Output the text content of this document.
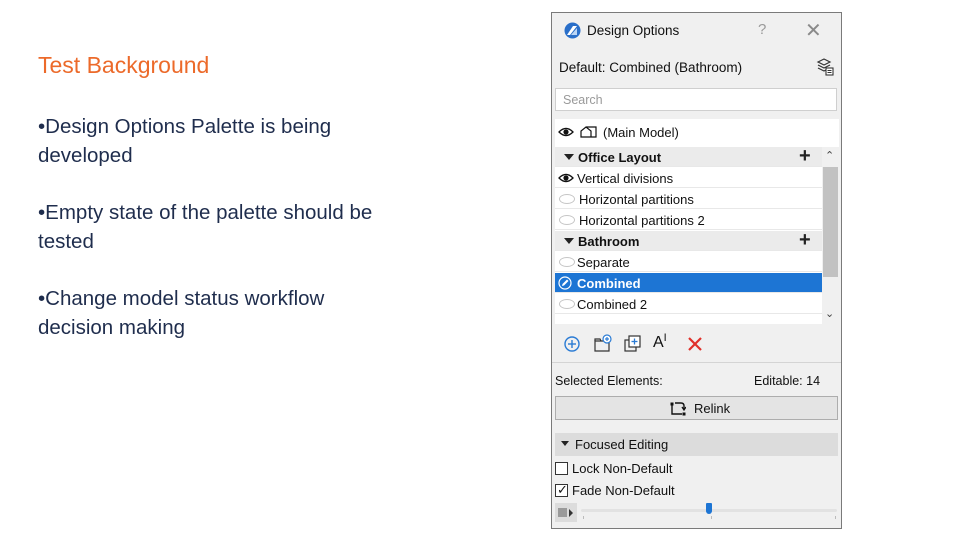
Test Background
•Design Options Palette is being developed
•Empty state of the palette should be tested
•Change model status workflow decision making
Design Options	? ✕
Default: Combined (Bathroom)
Search
(Main Model)
Office Layout	+
Vertical divisions
Horizontal partitions
Horizontal partitions 2
Bathroom	+
Separate
Combined
Combined 2
⌃
⌄
$A^I$
Selected Elements:	Editable: 14
Relink
Focused Editing
Lock Non-Default
✓ Fade Non-Default
